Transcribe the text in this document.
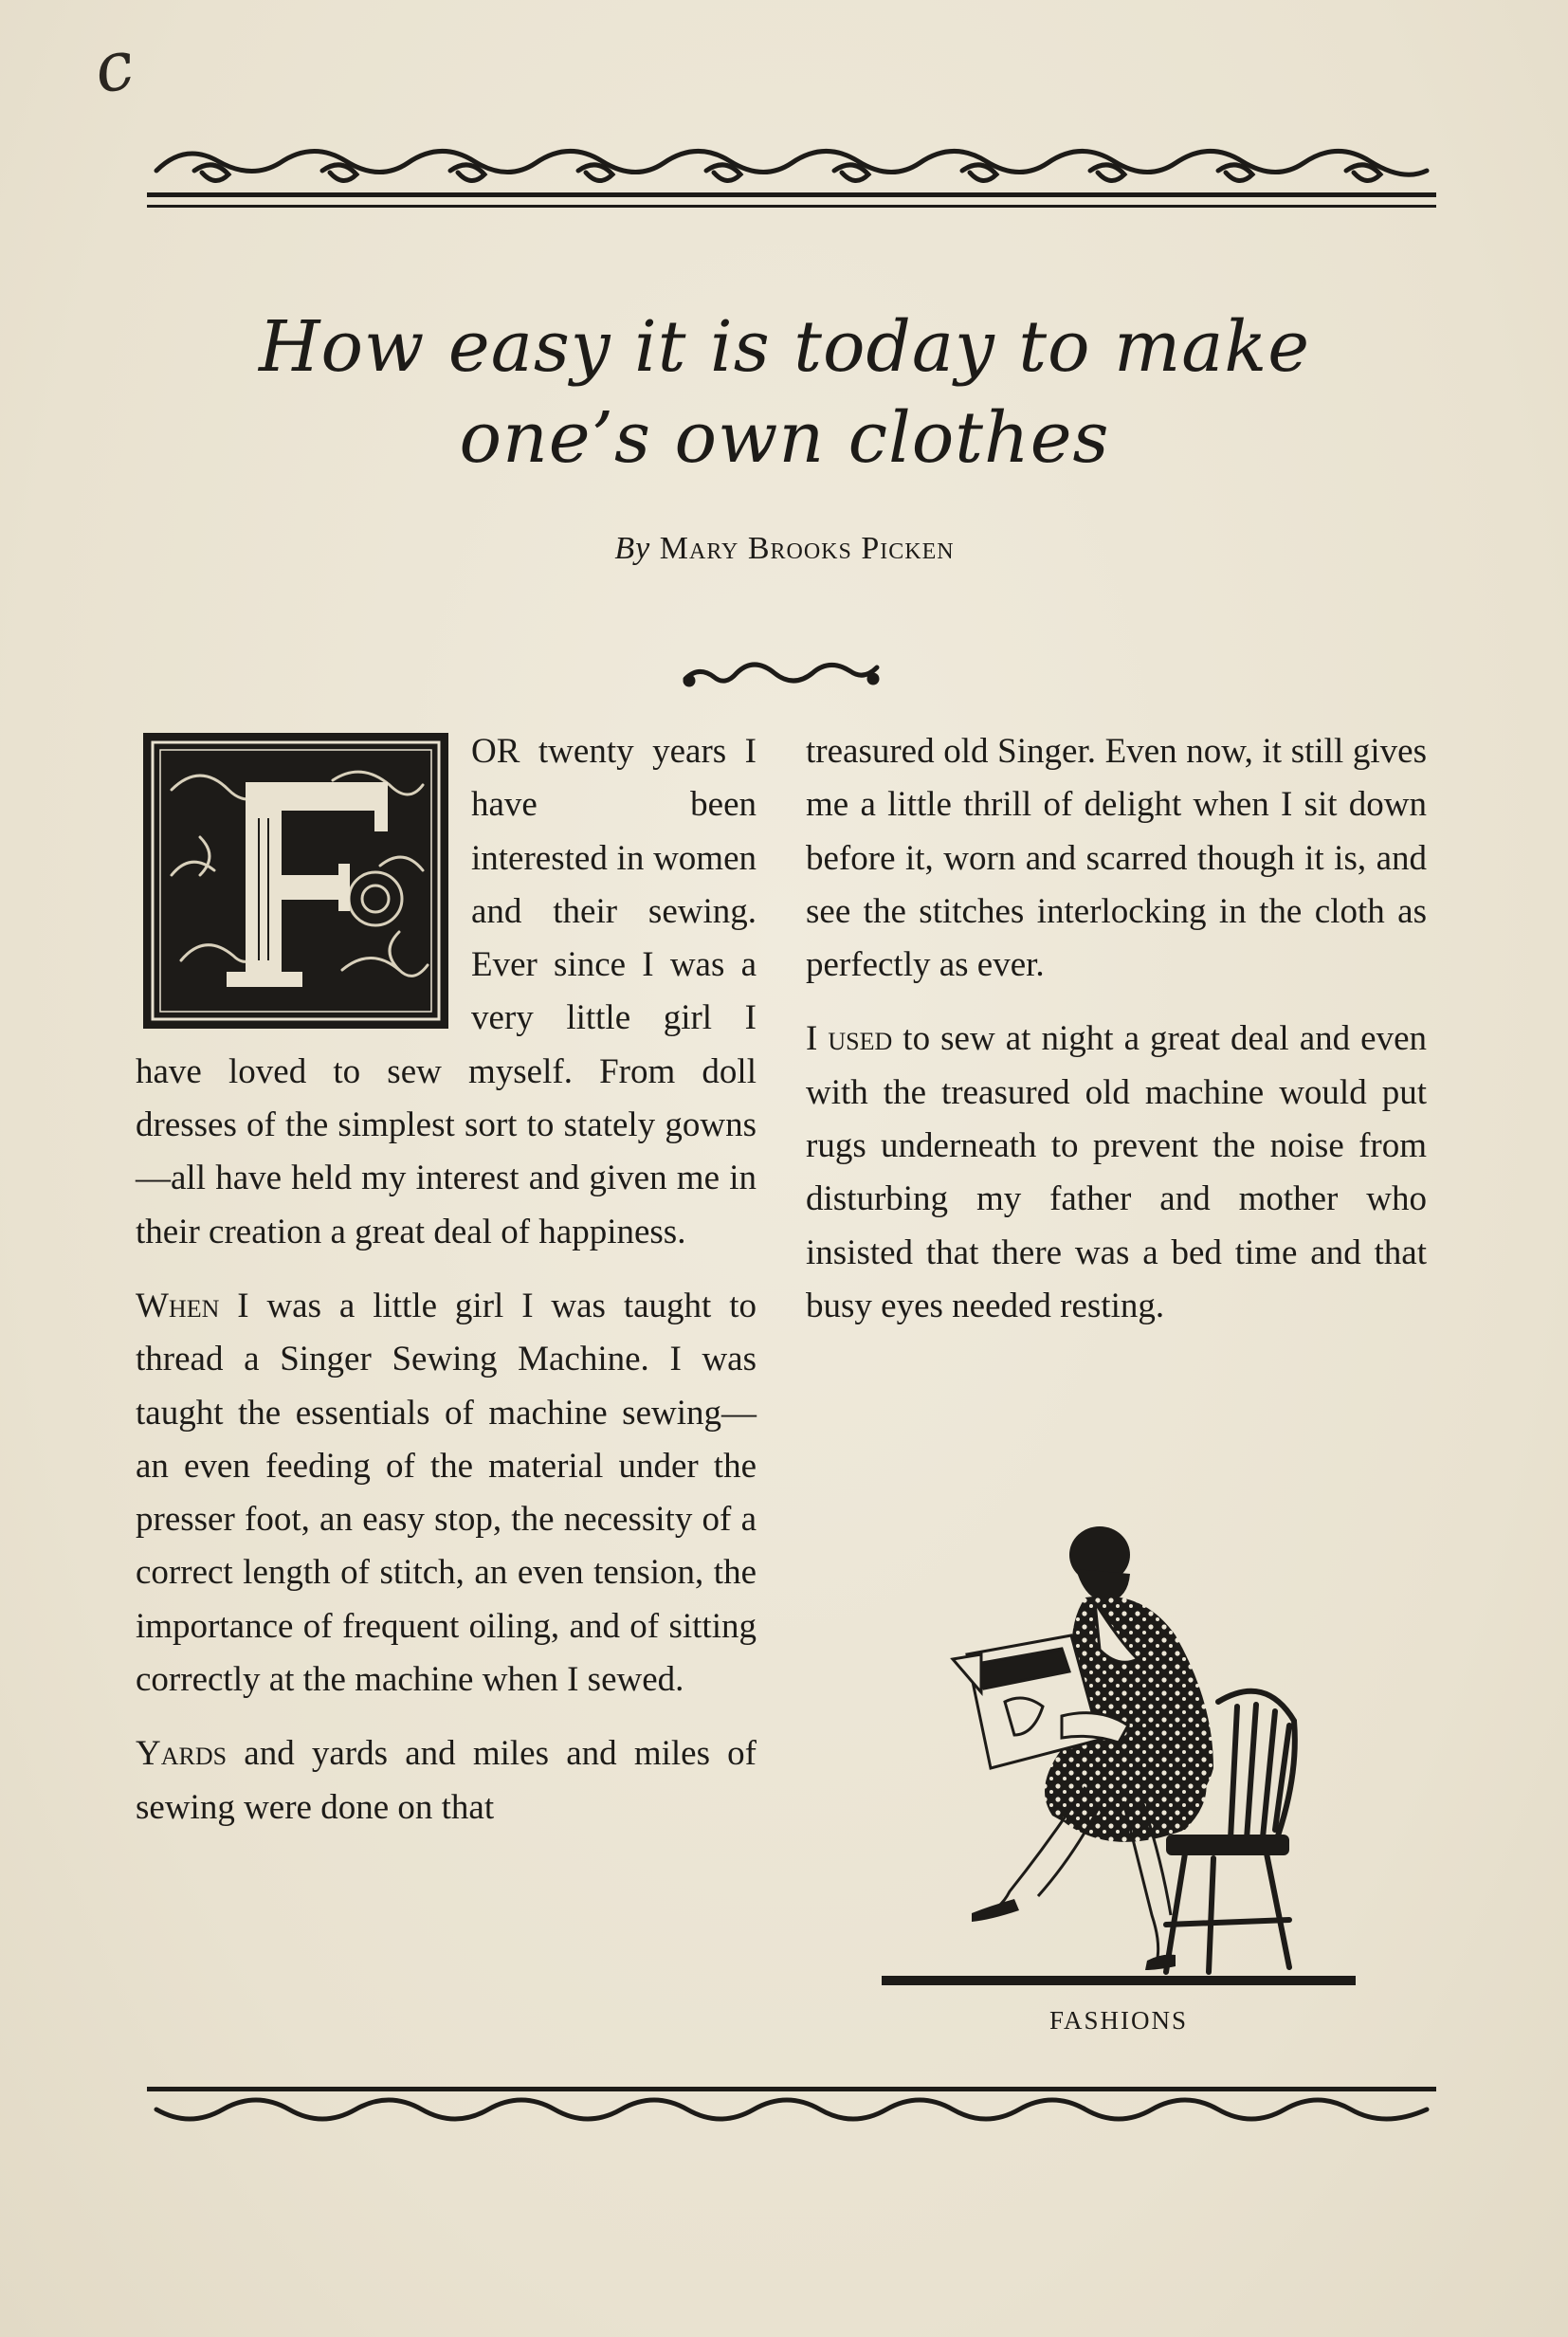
c
How easy it is today to make
one’s own clothes
By Mary Brooks Picken

OR twenty years I have been interested in women and their sewing. Ever since I was a very little girl I have loved to sew myself. From doll dresses of the simplest sort to stately gowns—all have held my interest and given me in their creation a great deal of happiness.

When I was a little girl I was taught to thread a Singer Sewing Machine. I was taught the essentials of machine sewing—an even feeding of the material under the presser foot, an easy stop, the necessity of a correct length of stitch, an even tension, the importance of frequent oiling, and of sitting correctly at the machine when I sewed.

Yards and yards and miles and miles of sewing were done on that

treasured old Singer. Even now, it still gives me a little thrill of delight when I sit down before it, worn and scarred though it is, and see the stitches interlocking in the cloth as perfectly as ever.

I used to sew at night a great deal and even with the treasured old machine would put rugs underneath to prevent the noise from disturbing my father and mother who insisted that there was a bed time and that busy eyes needed resting.

FASHIONS
